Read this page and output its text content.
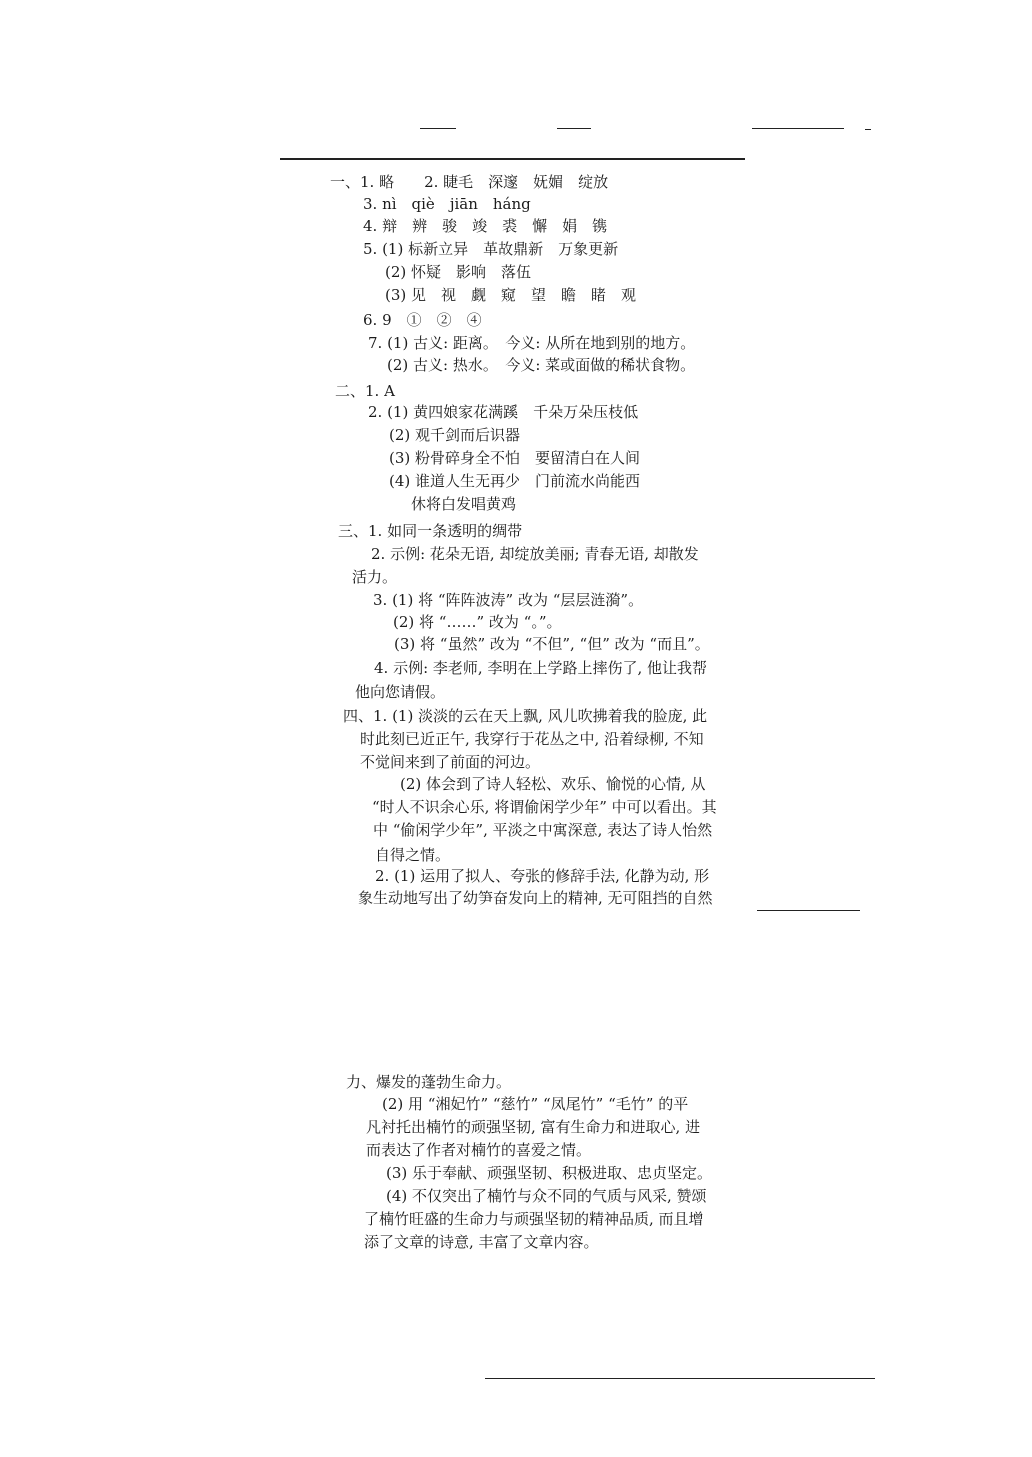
一、1. 略　　2. 睫毛　深邃　妩媚　绽放
3. nì　qiè　jiān　háng
4. 辩　辨　骏　竣　裘　懈　娟　镌
5. (1) 标新立异　革故鼎新　万象更新
(2) 怀疑　影响　落伍
(3) 见　视　觑　窥　望　瞻　睹　观
6. 9　①　②　④
7. (1) 古义: 距离。　今义: 从所在地到别的地方。
(2) 古义: 热水。　今义: 菜或面做的稀状食物。
二、1. A
2. (1) 黄四娘家花满蹊　千朵万朵压枝低
(2) 观千剑而后识器
(3) 粉骨碎身全不怕　要留清白在人间
(4) 谁道人生无再少　门前流水尚能西
休将白发唱黄鸡
三、1. 如同一条透明的绸带
2. 示例: 花朵无语, 却绽放美丽; 青春无语, 却散发
活力。
3. (1) 将 “阵阵波涛” 改为 “层层涟漪”。
(2) 将 “……” 改为 “。”。
(3) 将 “虽然” 改为 “不但”, “但” 改为 “而且”。
4. 示例: 李老师, 李明在上学路上摔伤了, 他让我帮
他向您请假。
四、1. (1) 淡淡的云在天上飘, 风儿吹拂着我的脸庞, 此
时此刻已近正午, 我穿行于花丛之中, 沿着绿柳, 不知
不觉间来到了前面的河边。
(2) 体会到了诗人轻松、欢乐、愉悦的心情, 从
“时人不识余心乐, 将谓偷闲学少年” 中可以看出。其
中 “偷闲学少年”, 平淡之中寓深意, 表达了诗人怡然
自得之情。
2. (1) 运用了拟人、夸张的修辞手法, 化静为动, 形
象生动地写出了幼笋奋发向上的精神, 无可阻挡的自然
力、爆发的蓬勃生命力。
(2) 用 “湘妃竹” “慈竹” “凤尾竹” “毛竹” 的平
凡衬托出楠竹的顽强坚韧, 富有生命力和进取心, 进
而表达了作者对楠竹的喜爱之情。
(3) 乐于奉献、顽强坚韧、积极进取、忠贞坚定。
(4) 不仅突出了楠竹与众不同的气质与风采, 赞颂
了楠竹旺盛的生命力与顽强坚韧的精神品质, 而且增
添了文章的诗意, 丰富了文章内容。
